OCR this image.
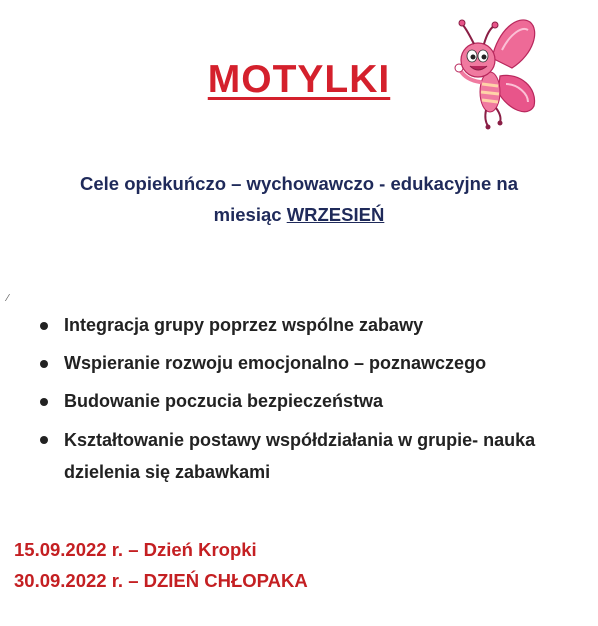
MOTYLKI
Cele opiekuńczo – wychowawczo - edukacyjne na
miesiąc WRZESIEŃ
⁄
Integracja grupy poprzez wspólne zabawy
Wspieranie rozwoju emocjonalno – poznawczego
Budowanie poczucia bezpieczeństwa
Kształtowanie postawy współdziałania w grupie- nauka dzielenia się zabawkami
15.09.2022 r. – Dzień Kropki
30.09.2022 r. – DZIEŃ CHŁOPAKA
